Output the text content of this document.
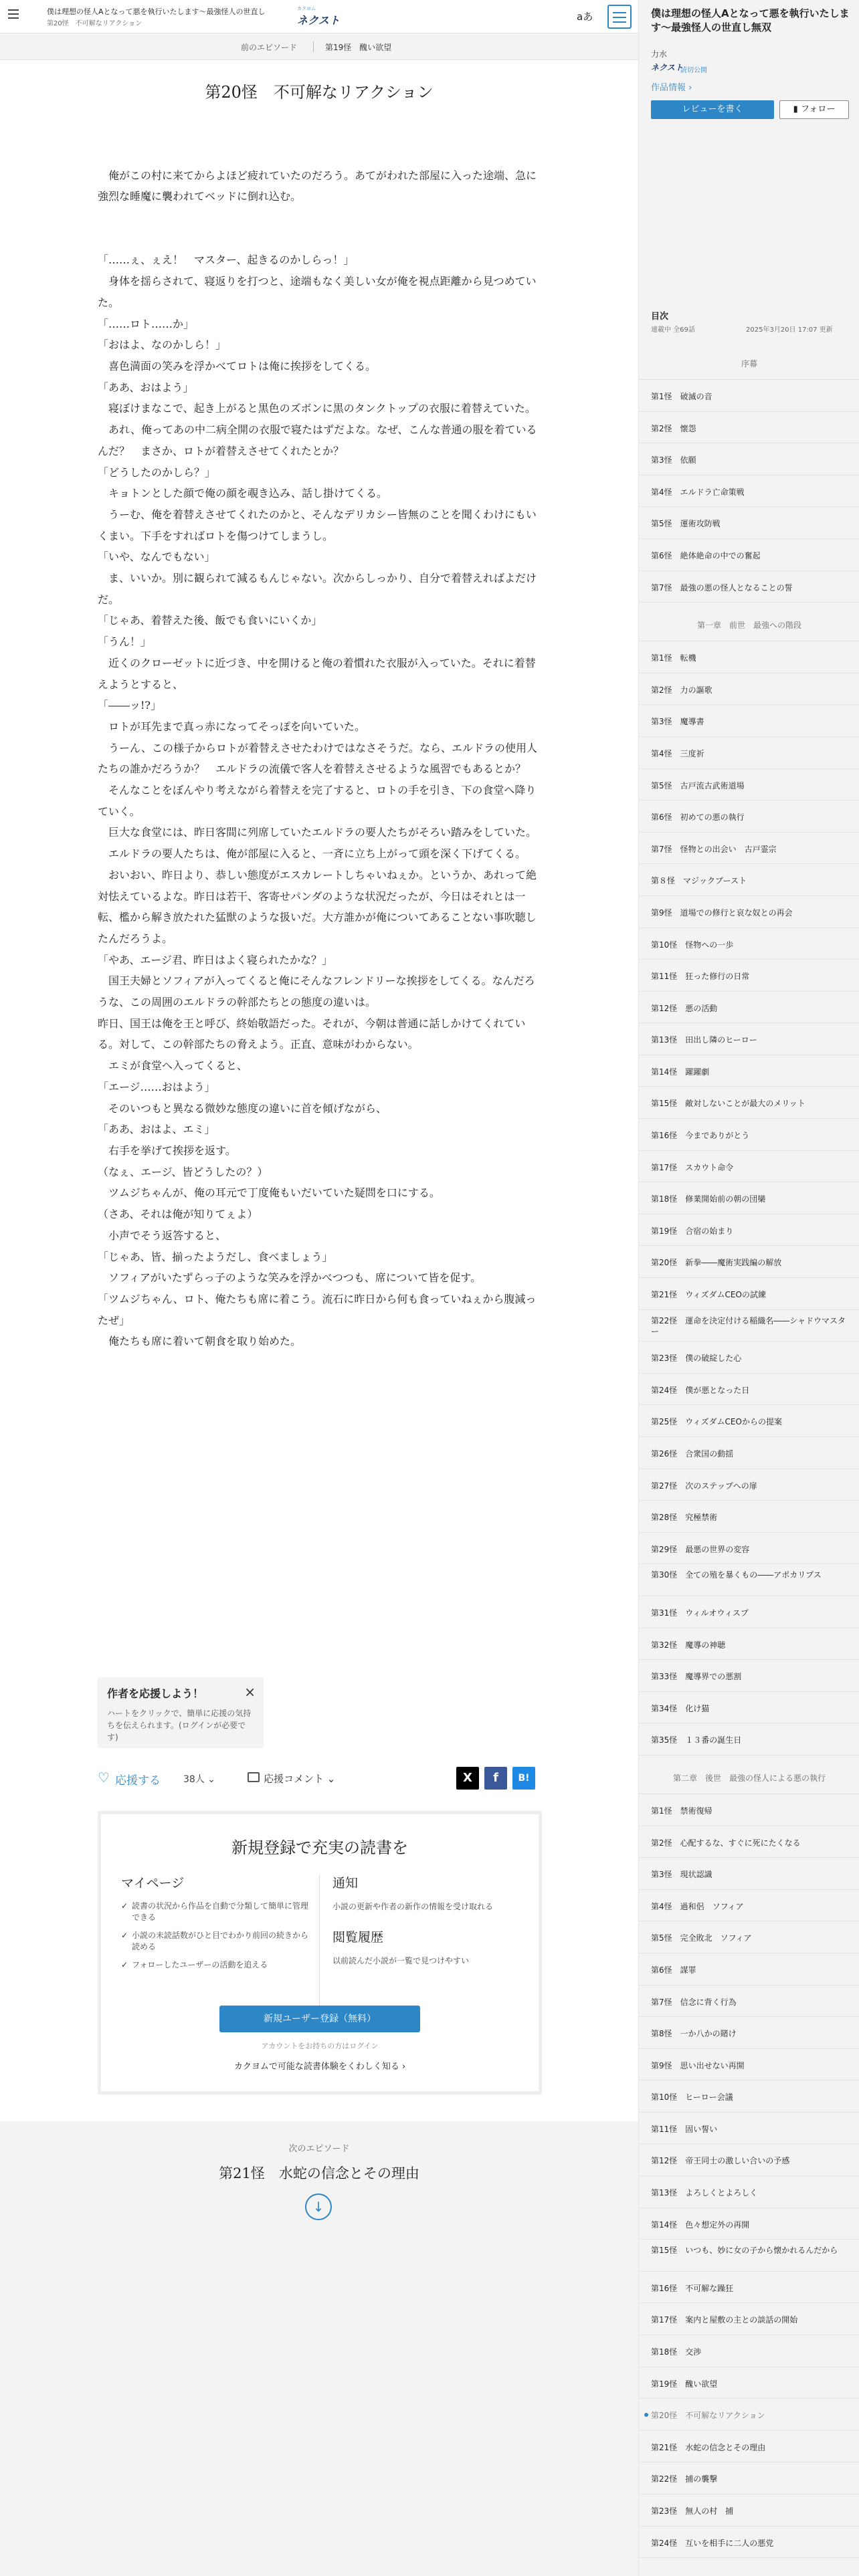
僕は理想の怪人Aとなって悪を執行いたします〜最強怪人の世直し
第20怪　不可解なリアクション
カクヨム
ネクスト	aあ
前のエピソード	第19怪　醜い欲望
第20怪　不可解なリアクション

　俺がこの村に来てからよほど疲れていたのだろう。あてがわれた部屋に入った途端、急に強烈な睡魔に襲われてベッドに倒れ込む。

「……ぇ、ぇえ！　マスター、起きるのかしらっ！」

　身体を揺らされて、寝返りを打つと、途端もなく美しい女が俺を視点距離から見つめていた。

「……ロト……か」

「おはよ、なのかしら！」

　喜色満面の笑みを浮かべてロトは俺に挨拶をしてくる。

「ああ、おはよう」

　寝ぼけまなこで、起き上がると黒色のズボンに黒のタンクトップの衣服に着替えていた。

　あれ、俺ってあの中二病全開の衣服で寝たはずだよな。なぜ、こんな普通の服を着ているんだ？　まさか、ロトが着替えさせてくれたとか？

「どうしたのかしら？」

　キョトンとした顔で俺の顔を覗き込み、話し掛けてくる。

　うーむ、俺を着替えさせてくれたのかと、そんなデリカシー皆無のことを聞くわけにもいくまい。下手をすればロトを傷つけてしまうし。

「いや、なんでもない」

　ま、いいか。別に観られて減るもんじゃない。次からしっかり、自分で着替えればよだけだ。

「じゃあ、着替えた後、飯でも食いにいくか」

「うん！」

　近くのクローゼットに近づき、中を開けると俺の着慣れた衣服が入っていた。それに着替えようとすると、

「――ッ!?」

　ロトが耳先まで真っ赤になってそっぽを向いていた。

　うーん、この様子からロトが着替えさせたわけではなさそうだ。なら、エルドラの使用人たちの誰かだろうか？　エルドラの流儀で客人を着替えさせるような風習でもあるとか？

　そんなことをぼんやり考えながら着替えを完了すると、ロトの手を引き、下の食堂へ降りていく。

　巨大な食堂には、昨日客間に列席していたエルドラの要人たちがそろい踏みをしていた。

　エルドラの要人たちは、俺が部屋に入ると、一斉に立ち上がって頭を深く下げてくる。

　おいおい、昨日より、恭しい態度がエスカレートしちゃいねぇか。というか、あれって絶対怯えているよな。昨日は若干、客寄せパンダのような状況だったが、今日はそれとは一転、檻から解き放たれた猛獣のような扱いだ。大方誰かが俺についてあることない事吹聴したんだろうよ。

「やあ、エージ君、昨日はよく寝られたかな？」

　国王夫婦とソフィアが入ってくると俺にそんなフレンドリーな挨拶をしてくる。なんだろうな、この周囲のエルドラの幹部たちとの態度の違いは。

昨日、国王は俺を王と呼び、終始敬語だった。それが、今朝は普通に話しかけてくれている。対して、この幹部たちの脅えよう。正直、意味がわからない。

　エミが食堂へ入ってくると、

「エージ……おはよう」

　そのいつもと異なる微妙な態度の違いに首を傾げながら、

「ああ、おはよ、エミ」

　右手を挙げて挨拶を返す。

（なぇ、エージ、皆どうしたの？）

　ツムジちゃんが、俺の耳元で丁度俺もいだいていた疑問を口にする。

（さあ、それは俺が知りてぇよ）

　小声でそう返答すると、

「じゃあ、皆、揃ったようだし、食べましょう」

　ソフィアがいたずらっ子のような笑みを浮かべつつも、席について皆を促す。

「ツムジちゃん、ロト、俺たちも席に着こう。流石に昨日から何も食っていねぇから腹減ったぜ」

　俺たちも席に着いて朝食を取り始めた。

作者を応援しよう！
ハートをクリックで、簡単に応援の気持ちを伝えられます。(ログインが必要です)
×
♡ 応援する 38人 ⌄	応援コメント ⌄	X	f	B!
新規登録で充実の読書を
マイページ
✓ 読書の状況から作品を自動で分類して簡単に管理できる
✓ 小説の未読話数がひと目でわかり前回の続きから読める
✓ フォローしたユーザーの活動を追える
通知
小説の更新や作者の新作の情報を受け取れる
閲覧履歴
以前読んだ小説が一覧で見つけやすい
新規ユーザー登録（無料）
アカウントをお持ちの方はログイン
カクヨムで可能な読書体験をくわしく知る ›
次のエピソード
第21怪　水蛇の信念とその理由
↓
僕は理想の怪人Aとなって悪を執行いたします〜最強怪人の世直し無双
力水
ネクスト
読切公開
作品情報 ›
レビューを書く	▮ フォロー
目次
連載中 全69話	2025年3月20日 17:07 更新
序幕
第1怪　破滅の音
第2怪　懐怨
第3怪　依願
第4怪　エルドラ亡命策戦
第5怪　運術攻防戦
第6怪　絶体絶命の中での奮起
第7怪　最強の悪の怪人となることの誓
第一章　前世　最強への階段
第1怪　転機
第2怪　力の謳歌
第3怪　魔導書
第4怪　三度祈
第5怪　古戸流古武術道場
第6怪　初めての悪の執行
第7怪　怪物との出会い　古戸霊宗
第８怪　マジックブースト
第9怪　道場での修行と哀な奴との再会
第10怪　怪物への一歩
第11怪　狂った修行の日常
第12怪　悪の活動
第13怪　田出し隣のヒーロー
第14怪　躍躍劇
第15怪　敵対しないことが最大のメリット
第16怪　今までありがとう
第17怪　スカウト命令
第18怪　修業開始前の朝の団欒
第19怪　合宿の始まり
第20怪　新拳――魔術実践編の解放
第21怪　ウィズダムCEOの試練
第22怪　運命を決定付ける稲織名――シャドウマスター
第23怪　僕の破綻した心
第24怪　僕が悪となった日
第25怪　ウィズダムCEOからの提案
第26怪　合衆国の動揺
第27怪　次のステップへの扉
第28怪　究極禁術
第29怪　最悪の世界の変容
第30怪　全ての殖を暴くもの――アポカリプス
第31怪　ウィルオウィスプ
第32怪　魔導の神聴
第33怪　魔導界での悪割
第34怪　化け猫
第35怪　１３番の誕生日
第二章　後世　最強の怪人による悪の執行
第1怪　禁術復帰
第2怪　心配するな、すぐに死にたくなる
第3怪　現状認識
第4怪　過和侶　ソフィア
第5怪　完全敗北　ソフィア
第6怪　謀罪
第7怪　信念に背く行為
第8怪　一か八かの賭け
第9怪　思い出せない再開
第10怪　ヒーロー会議
第11怪　固い誓い
第12怪　帝王同士の激しい合いの予感
第13怪　よろしくとよろしく
第14怪　色々想定外の再開
第15怪　いつも、妙に女の子から懐かれるんだから
第16怪　不可解な躁狂
第17怪　案内と屋敷の主との談話の開始
第18怪　交渉
第19怪　醜い欲望
第20怪　不可解なリアクション
第21怪　水蛇の信念とその理由
第22怪　捕の襲撃
第23怪　無人の村　捕
第24怪　互いを相手に二人の悪党
